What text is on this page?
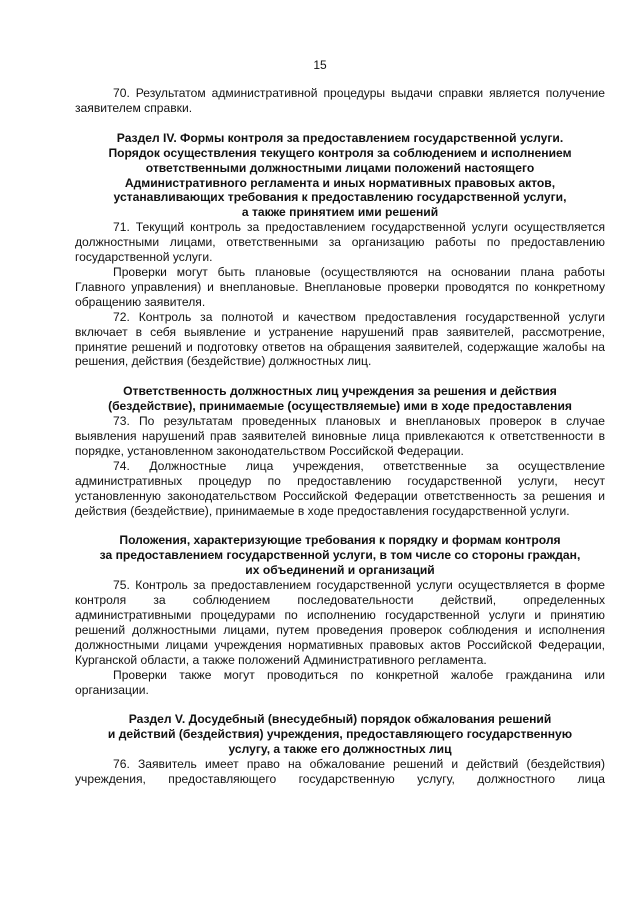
15

70. Результатом административной процедуры выдачи справки является получение заявителем справки.

Раздел IV. Формы контроля за предоставлением государственной услуги.

Порядок осуществления текущего контроля за соблюдением и исполнением

ответственными должностными лицами положений настоящего

Административного регламента и иных нормативных правовых актов,

устанавливающих требования к предоставлению государственной услуги,

а также принятием ими решений

71. Текущий контроль за предоставлением государственной услуги осуществляется должностными лицами, ответственными за организацию работы по предоставлению государственной услуги.

Проверки могут быть плановые (осуществляются на основании плана работы Главного управления) и внеплановые. Внеплановые проверки проводятся по конкретному обращению заявителя.

72. Контроль за полнотой и качеством предоставления государственной услуги включает в себя выявление и устранение нарушений прав заявителей, рассмотрение, принятие решений и подготовку ответов на обращения заявителей, содержащие жалобы на решения, действия (бездействие) должностных лиц.

Ответственность должностных лиц учреждения за решения и действия

(бездействие), принимаемые (осуществляемые) ими в ходе предоставления

73. По результатам проведенных плановых и внеплановых проверок в случае выявления нарушений прав заявителей виновные лица привлекаются к ответственности в порядке, установленном законодательством Российской Федерации.

74. Должностные лица учреждения, ответственные за осуществление административных процедур по предоставлению государственной услуги, несут установленную законодательством Российской Федерации ответственность за решения и действия (бездействие), принимаемые в ходе предоставления государственной услуги.

Положения, характеризующие требования к порядку и формам контроля

за предоставлением государственной услуги, в том числе со стороны граждан,

их объединений и организаций

75. Контроль за предоставлением государственной услуги осуществляется в форме контроля за соблюдением последовательности действий, определенных административными процедурами по исполнению государственной услуги и принятию решений должностными лицами, путем проведения проверок соблюдения и исполнения должностными лицами учреждения нормативных правовых актов Российской Федерации, Курганской области, а также положений Административного регламента.

Проверки также могут проводиться по конкретной жалобе гражданина или организации.

Раздел V. Досудебный (внесудебный) порядок обжалования решений

и действий (бездействия) учреждения, предоставляющего государственную

услугу, а также его должностных лиц

76. Заявитель имеет право на обжалование решений и действий (бездействия) учреждения, предоставляющего государственную услугу, должностного лица
